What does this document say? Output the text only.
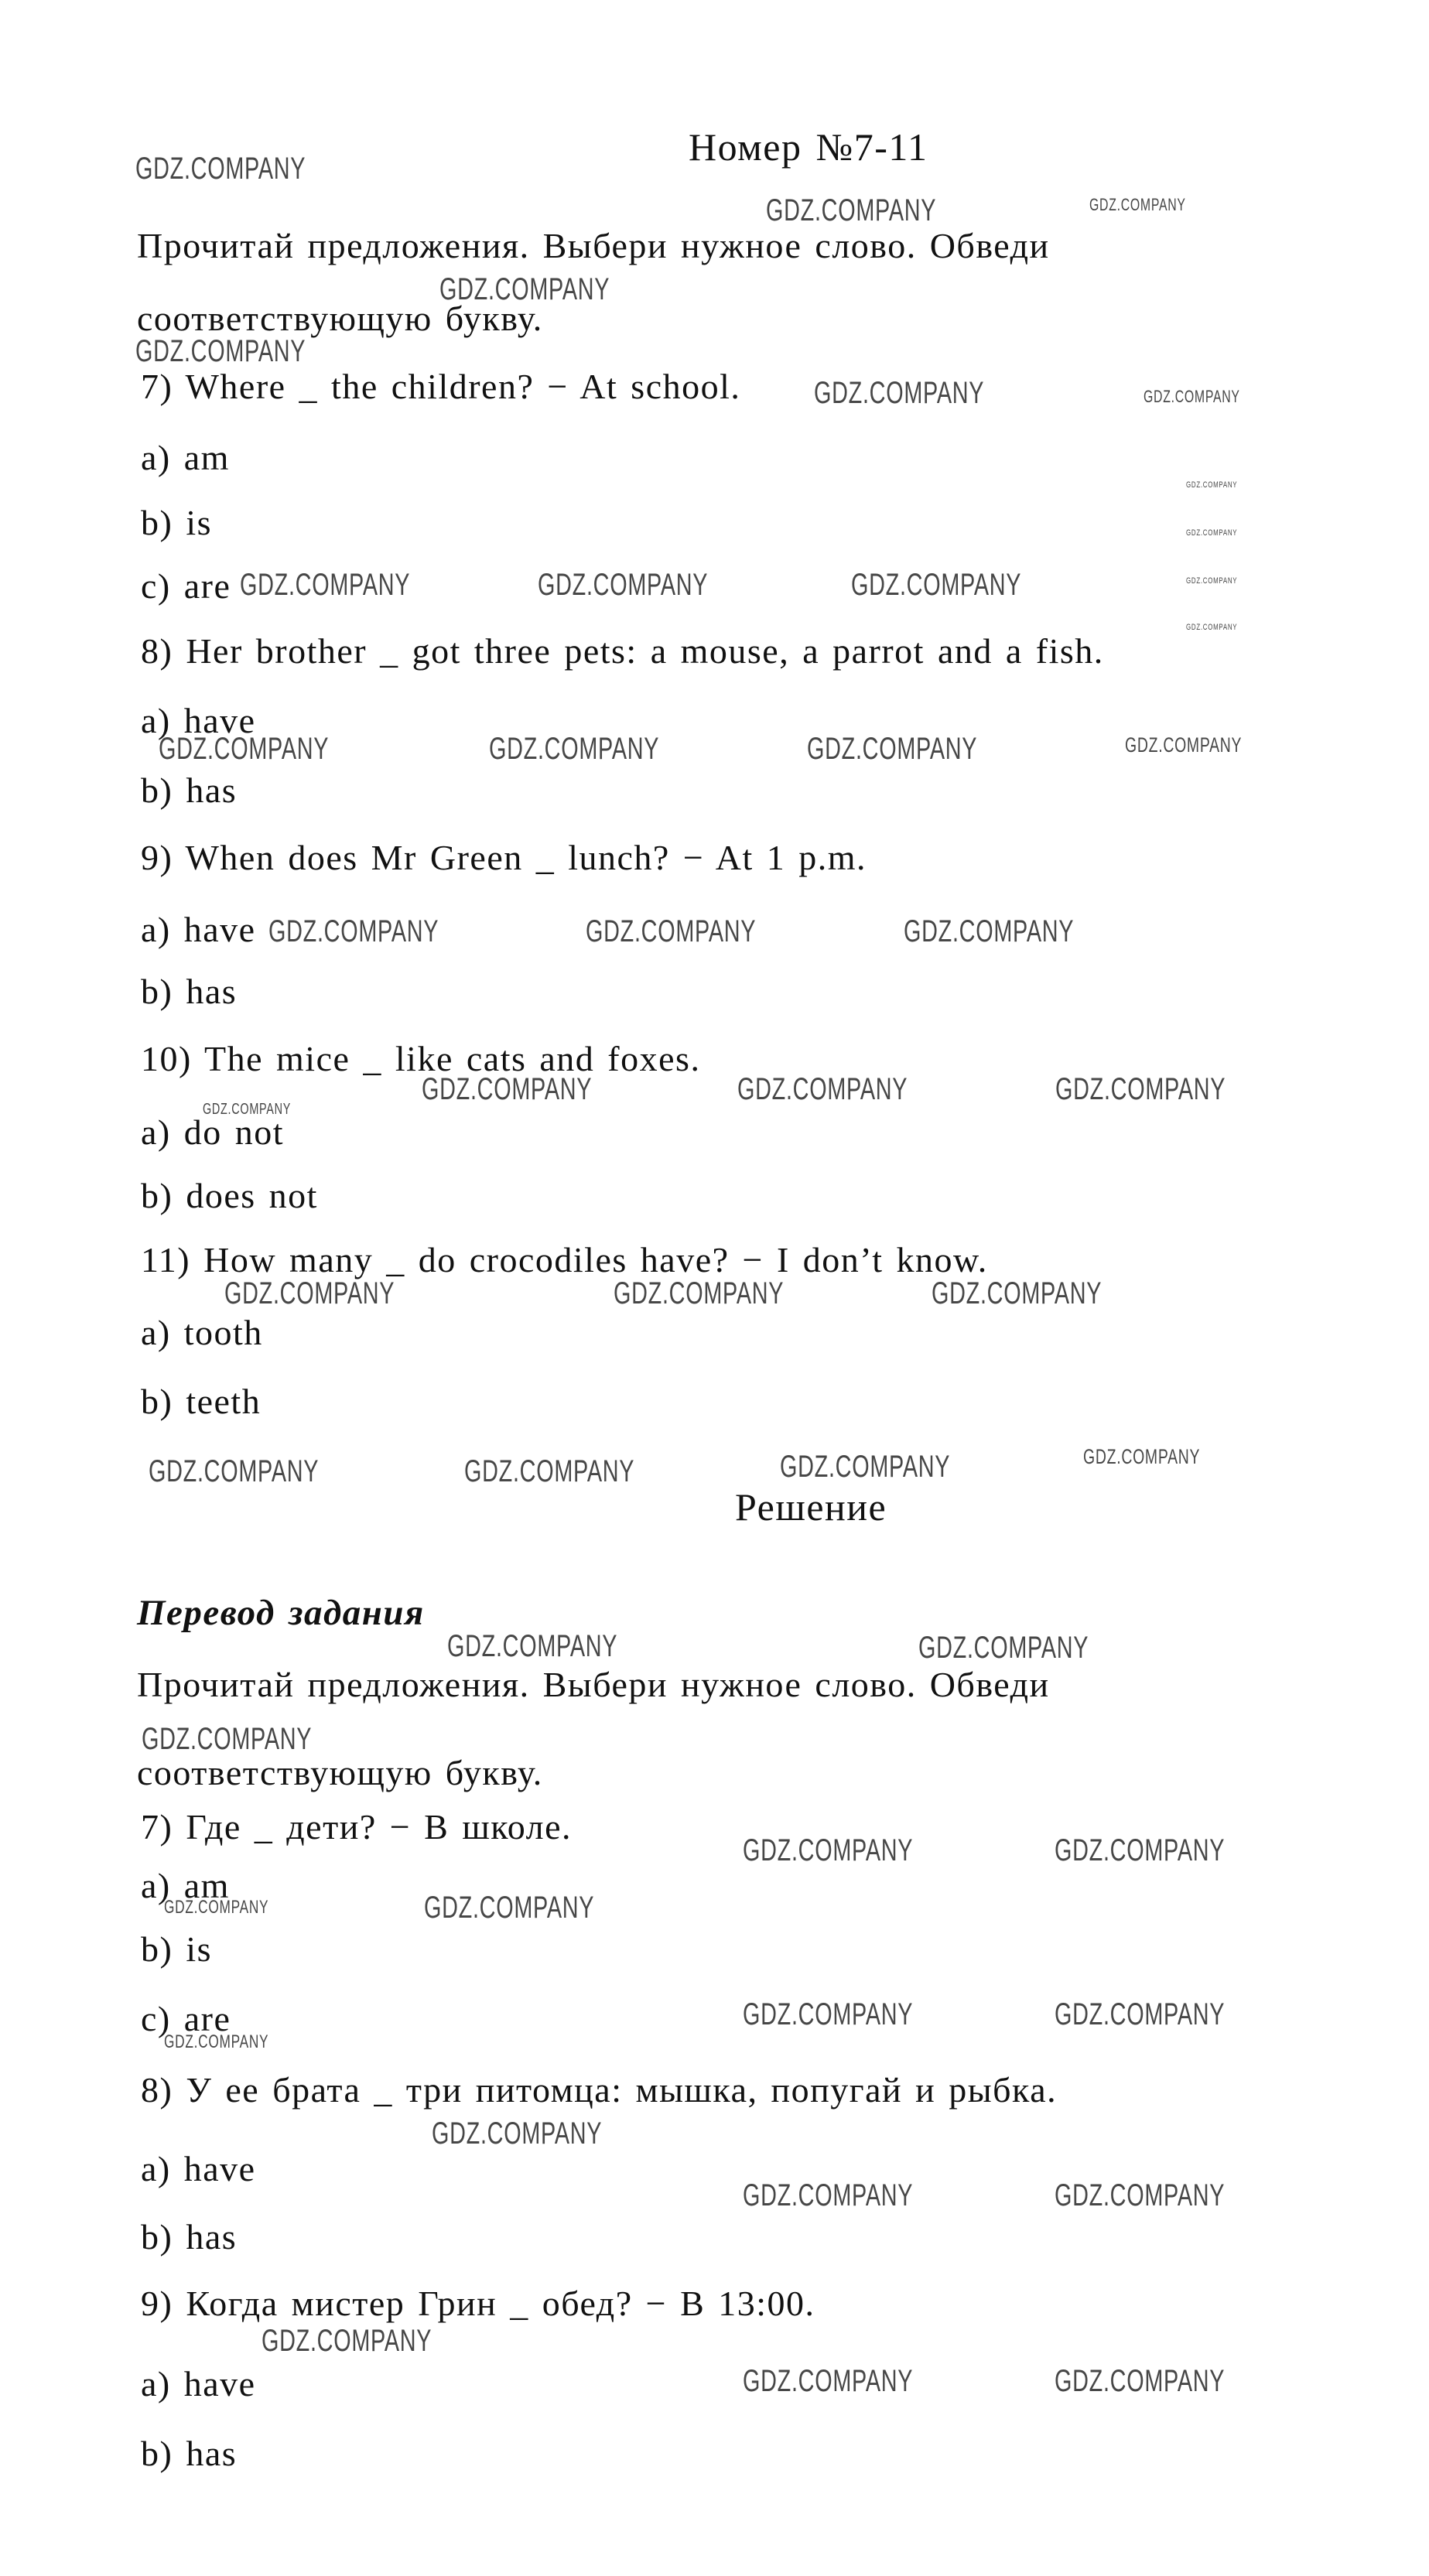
Номер №7-11
Прочитай предложения. Выбери нужное слово. Обведи
соответствующую букву.
7) Where _ the children? − At school.
a) am
b) is
c) are
8) Her brother _ got three pets: a mouse, a parrot and a fish.
a) have
b) has
9) When does Mr Green _ lunch? − At 1 p.m.
a) have
b) has
10) The mice _ like cats and foxes.
a) do not
b) does not
11) How many _ do crocodiles have? − I don’t know.
a) tooth
b) teeth
Решение
Перевод задания
Прочитай предложения. Выбери нужное слово. Обведи
соответствующую букву.
7) Где _ дети? − В школе.
a) am
b) is
c) are
8) У ее брата _ три питомца: мышка, попугай и рыбка.
a) have
b) has
9) Когда мистер Грин _ обед? − В 13:00.
a) have
b) has
GDZ.COMPANY
GDZ.COMPANY	GDZ.COMPANY
GDZ.COMPANY
GDZ.COMPANY
GDZ.COMPANY	GDZ.COMPANY
GDZ.COMPANY
GDZ.COMPANY
GDZ.COMPANY	GDZ.COMPANY	GDZ.COMPANY	GDZ.COMPANY
GDZ.COMPANY
GDZ.COMPANY	GDZ.COMPANY	GDZ.COMPANY	GDZ.COMPANY
GDZ.COMPANY	GDZ.COMPANY	GDZ.COMPANY
GDZ.COMPANY	GDZ.COMPANY	GDZ.COMPANY
GDZ.COMPANY
GDZ.COMPANY	GDZ.COMPANY	GDZ.COMPANY
GDZ.COMPANY	GDZ.COMPANY	GDZ.COMPANY	GDZ.COMPANY
GDZ.COMPANY	GDZ.COMPANY
GDZ.COMPANY
GDZ.COMPANY	GDZ.COMPANY
GDZ.COMPANY	GDZ.COMPANY
GDZ.COMPANY	GDZ.COMPANY
GDZ.COMPANY
GDZ.COMPANY
GDZ.COMPANY	GDZ.COMPANY
GDZ.COMPANY
GDZ.COMPANY	GDZ.COMPANY
